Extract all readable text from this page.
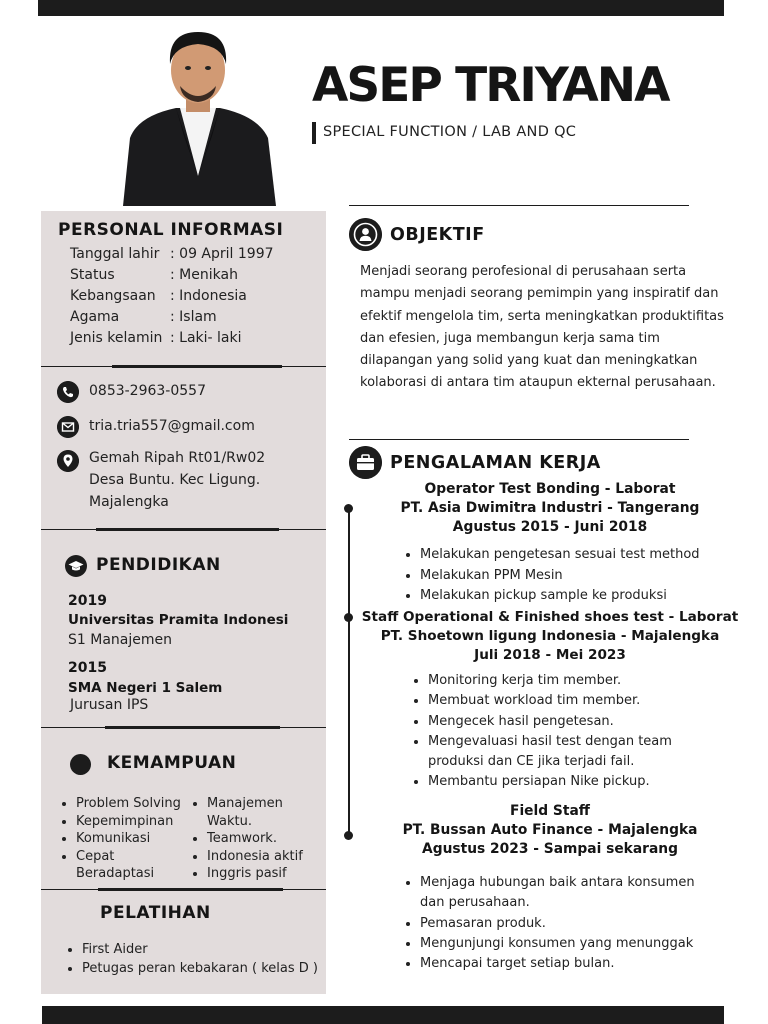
ASEP TRIYANA
SPECIAL FUNCTION / LAB AND QC
PERSONAL INFORMASI
Tanggal lahir : 09 April 1997
Status	: Menikah
Kebangsaan : Indonesia
Agama	: Islam
Jenis kelamin : Laki- laki
0853-2963-0557
tria.tria557@gmail.com
Gemah Ripah Rt01/Rw02
Desa Buntu. Kec Ligung.
Majalengka
PENDIDIKAN
2019
Universitas Pramita Indonesi
S1 Manajemen
2015
SMA Negeri 1 Salem
Jurusan IPS
KEMAMPUAN
• Problem Solving
• Kepemimpinan
• Komunikasi
• Cepat Beradaptasi
• Manajemen Waktu.
• Teamwork.
• Indonesia aktif
• Inggris pasif
PELATIHAN
• First Aider
• Petugas peran kebakaran ( kelas D )
OBJEKTIF
Menjadi seorang perofesional di perusahaan serta mampu menjadi seorang pemimpin yang inspiratif dan efektif mengelola tim, serta meningkatkan produktifitas dan efesien, juga membangun kerja sama tim dilapangan yang solid yang kuat dan meningkatkan kolaborasi di antara tim ataupun ekternal perusahaan.
PENGALAMAN KERJA
Operator Test Bonding - Laborat
PT. Asia Dwimitra Industri - Tangerang
Agustus 2015 - Juni 2018
• Melakukan pengetesan sesuai test method
• Melakukan PPM Mesin
• Melakukan pickup sample ke produksi
Staff Operational & Finished shoes test - Laborat
PT. Shoetown ligung Indonesia - Majalengka
Juli 2018 - Mei 2023
• Monitoring kerja tim member.
• Membuat workload tim member.
• Mengecek hasil pengetesan.
• Mengevaluasi hasil test dengan team produksi dan CE jika terjadi fail.
• Membantu persiapan Nike pickup.
Field Staff
PT. Bussan Auto Finance - Majalengka
Agustus 2023 - Sampai sekarang
• Menjaga hubungan baik antara konsumen dan perusahaan.
• Pemasaran produk.
• Mengunjungi konsumen yang menunggak
• Mencapai target setiap bulan.
